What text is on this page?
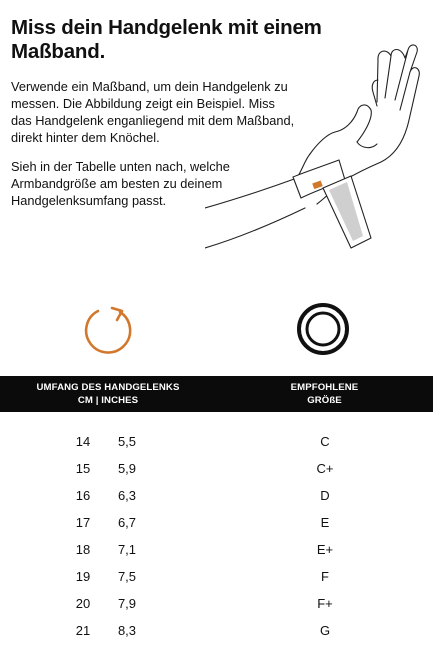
Miss dein Handgelenk mit einem Maßband.

Verwende ein Maßband, um dein Handgelenk zu messen. Die Abbildung zeigt ein Beispiel. Miss das Handgelenk enganliegend mit dem Maßband, direkt hinter dem Knöchel.

Sieh in der Tabelle unten nach, welche Armbandgröße am besten zu deinem Handgelenksumfang passt.

UMFANG DES HANDGELENKS
CM | INCHES
EMPFOHLENE
GRÖßE
14	5,5	C
15	5,9	C+
16	6,3	D
17	6,7	E
18	7,1	E+
19	7,5	F
20	7,9	F+
21	8,3	G
